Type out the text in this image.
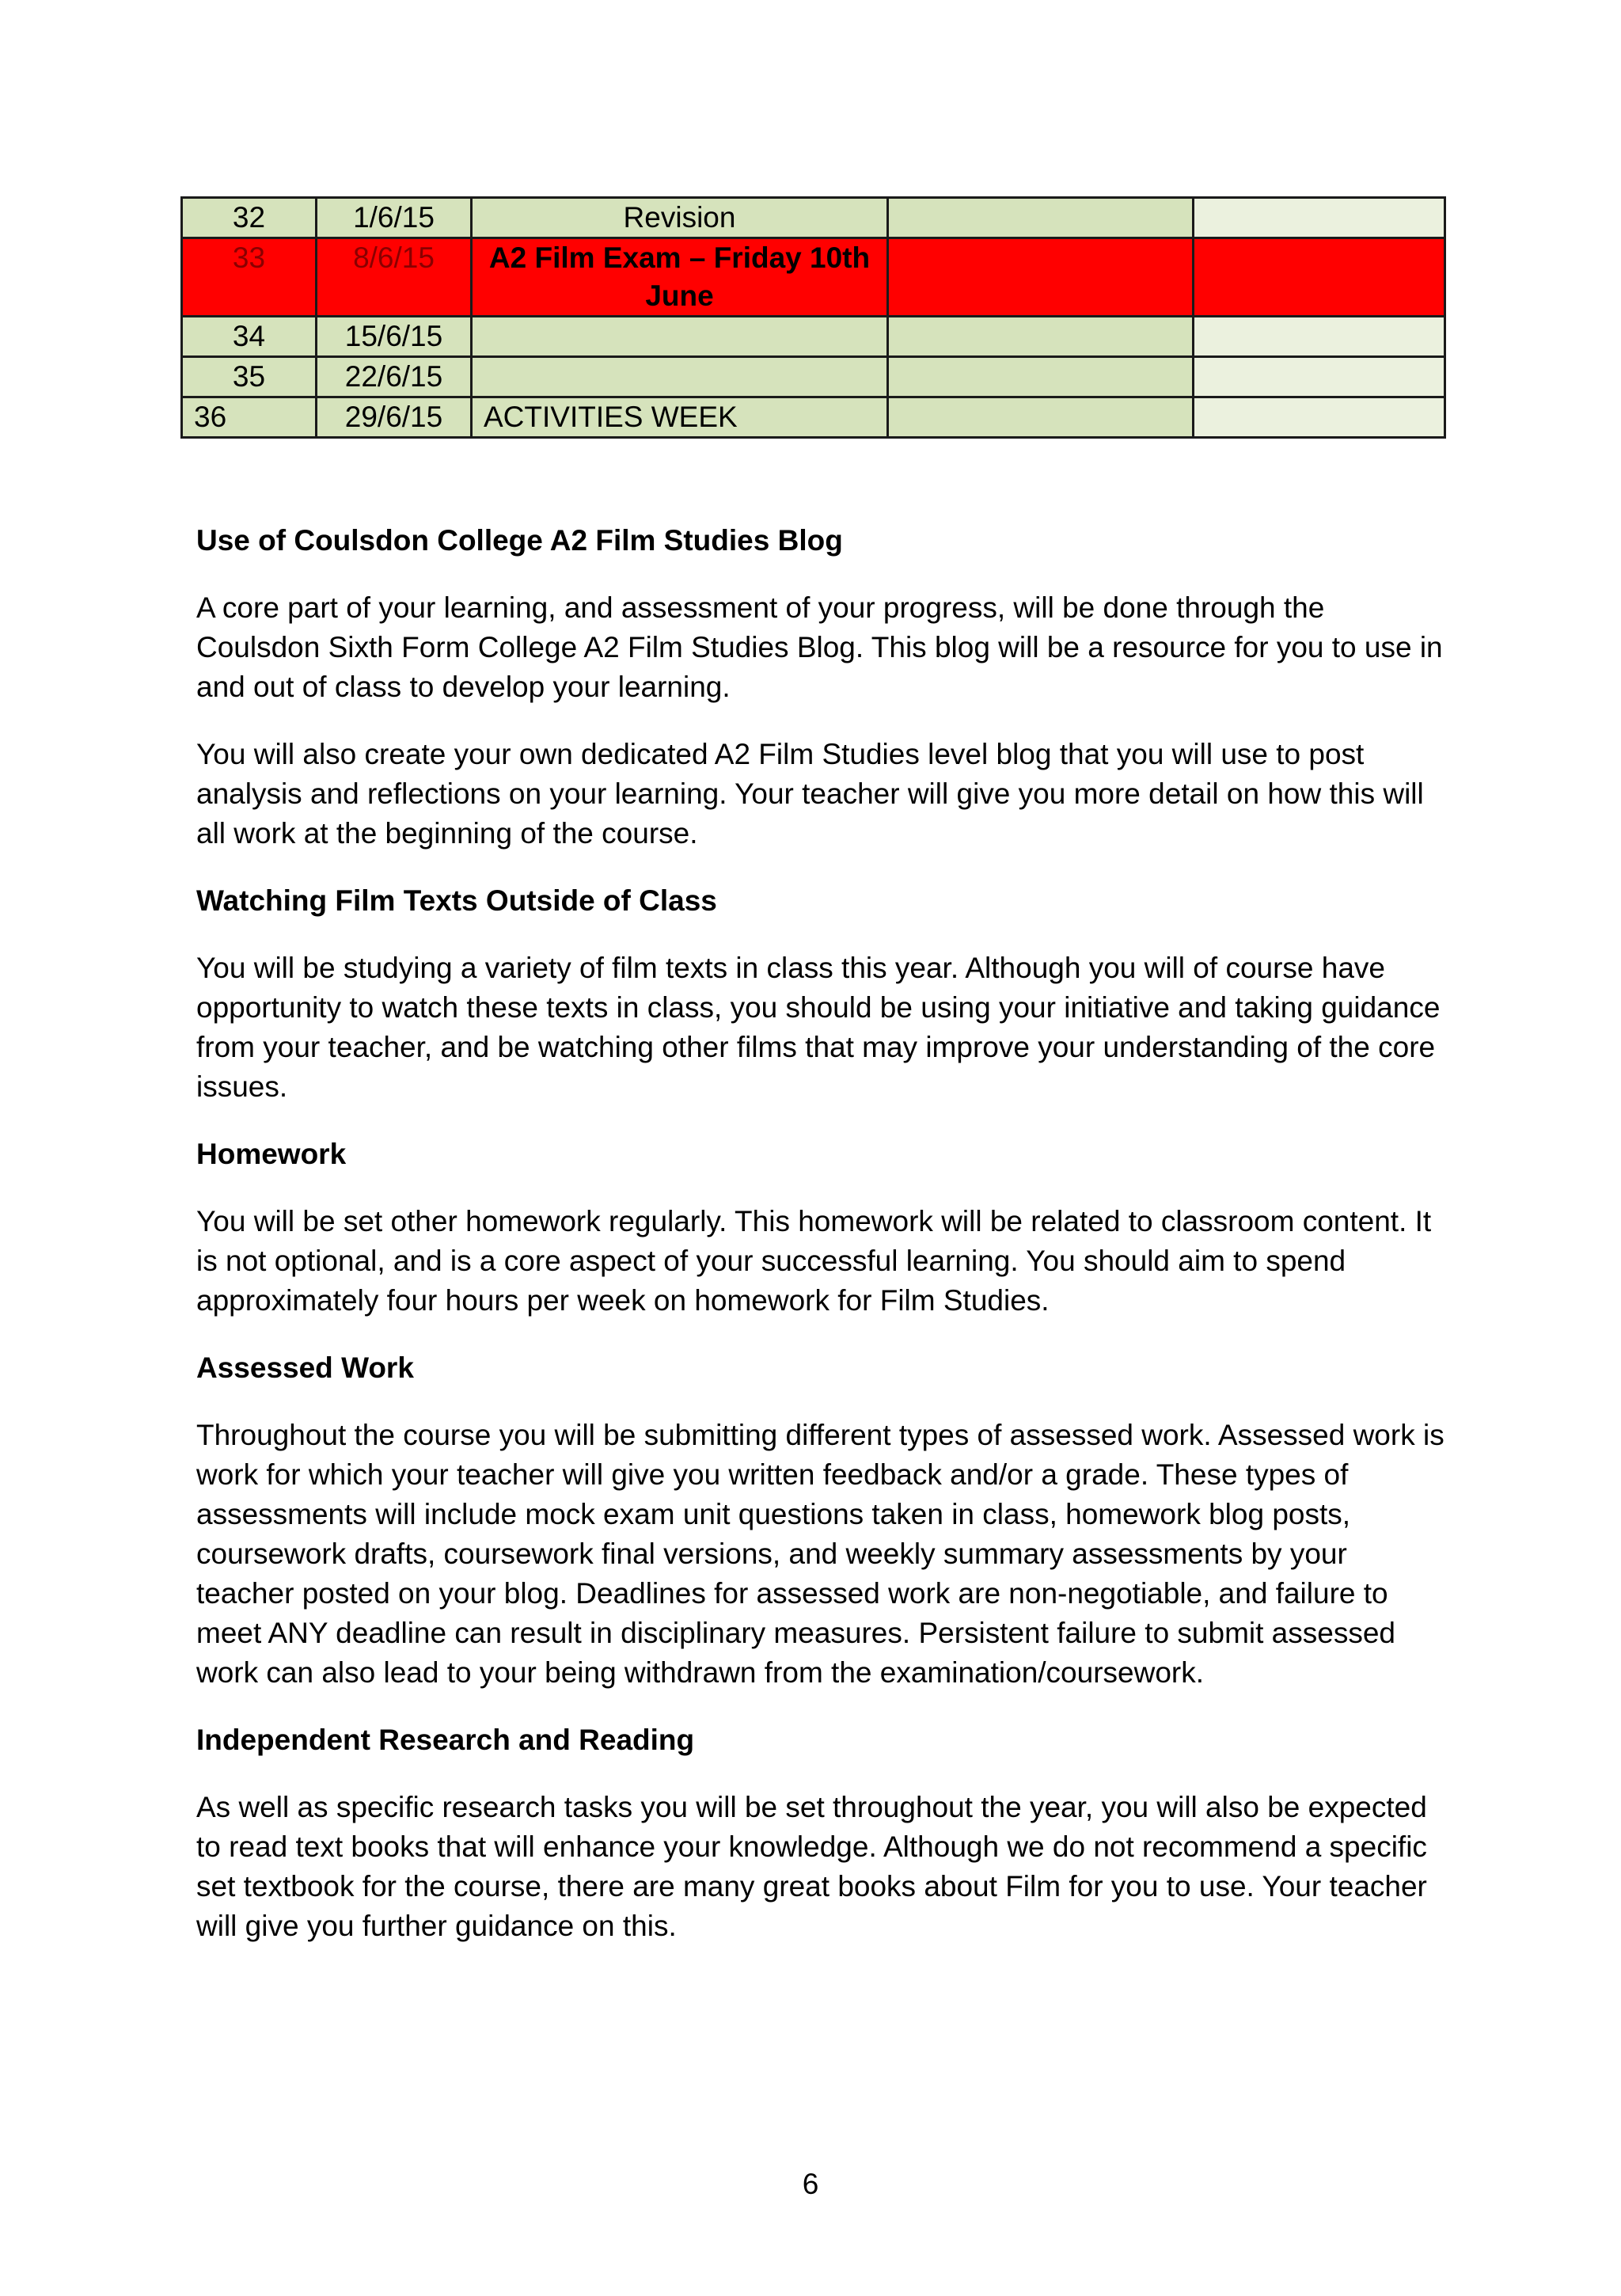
32	1/6/15	Revision		
33	8/6/15	A2 Film Exam – Friday 10th June		
34	15/6/15			
35	22/6/15			
36	29/6/15	ACTIVITIES WEEK		
Use of Coulsdon College A2 Film Studies Blog

A core part of your learning, and assessment of your progress, will be done through the Coulsdon Sixth Form College A2 Film Studies Blog. This blog will be a resource for you to use in and out of class to develop your learning.

You will also create your own dedicated A2 Film Studies level blog that you will use to post analysis and reflections on your learning. Your teacher will give you more detail on how this will all work at the beginning of the course.

Watching Film Texts Outside of Class

You will be studying a variety of film texts in class this year. Although you will of course have opportunity to watch these texts in class, you should be using your initiative and taking guidance from your teacher, and be watching other films that may improve your understanding of the core issues.

Homework

You will be set other homework regularly. This homework will be related to classroom content. It is not optional, and is a core aspect of your successful learning. You should aim to spend approximately four hours per week on homework for Film Studies.

Assessed Work

Throughout the course you will be submitting different types of assessed work. Assessed work is work for which your teacher will give you written feedback and/or a grade. These types of assessments will include mock exam unit questions taken in class, homework blog posts, coursework drafts, coursework final versions, and weekly summary assessments by your teacher posted on your blog. Deadlines for assessed work are non-negotiable, and failure to meet ANY deadline can result in disciplinary measures. Persistent failure to submit assessed work can also lead to your being withdrawn from the examination/coursework.

Independent Research and Reading

As well as specific research tasks you will be set throughout the year, you will also be expected to read text books that will enhance your knowledge. Although we do not recommend a specific set textbook for the course, there are many great books about Film for you to use. Your teacher will give you further guidance on this.

6
